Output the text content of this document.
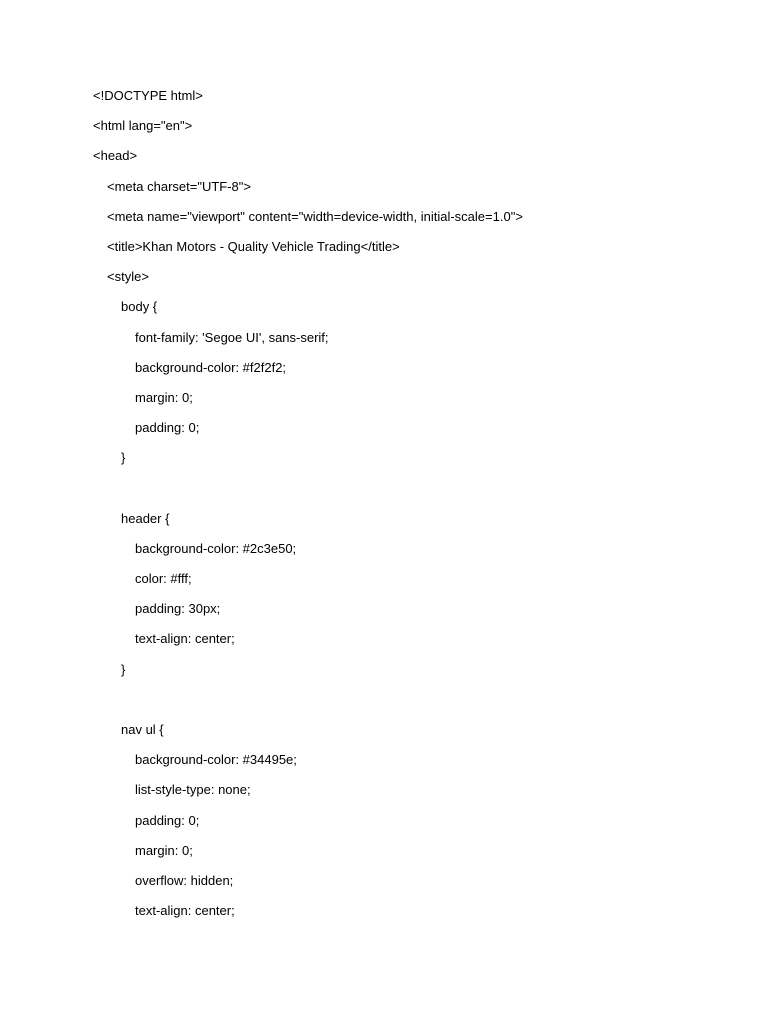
<!DOCTYPE html>
<html lang="en">
<head>
<meta charset="UTF-8">
<meta name="viewport" content="width=device-width, initial-scale=1.0">
<title>Khan Motors - Quality Vehicle Trading</title>
<style>
body {
font-family: 'Segoe UI', sans-serif;
background-color: #f2f2f2;
margin: 0;
padding: 0;
}
header {
background-color: #2c3e50;
color: #fff;
padding: 30px;
text-align: center;
}
nav ul {
background-color: #34495e;
list-style-type: none;
padding: 0;
margin: 0;
overflow: hidden;
text-align: center;
